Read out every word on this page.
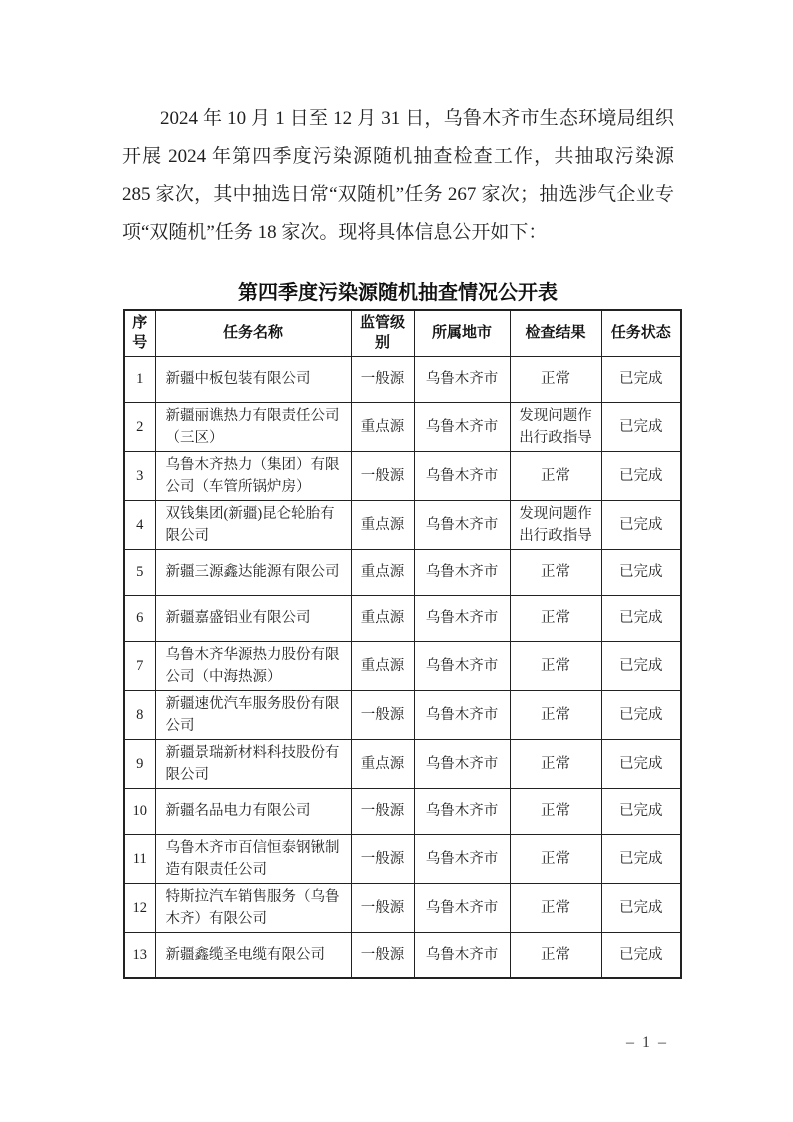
2024 年 10 月 1 日至 12 月 31 日，乌鲁木齐市生态环境局组织开展 2024 年第四季度污染源随机抽查检查工作，共抽取污染源 285 家次，其中抽选日常“双随机”任务 267 家次；抽选涉气企业专项“双随机”任务 18 家次。现将具体信息公开如下：

第四季度污染源随机抽查情况公开表
序号	任务名称	监管级别	所属地市	检查结果	任务状态
1	新疆中板包装有限公司	一般源	乌鲁木齐市	正常	已完成
2	新疆丽谯热力有限责任公司（三区）	重点源	乌鲁木齐市	发现问题作出行政指导	已完成
3	乌鲁木齐热力（集团）有限公司（车管所锅炉房）	一般源	乌鲁木齐市	正常	已完成
4	双钱集团(新疆)昆仑轮胎有限公司	重点源	乌鲁木齐市	发现问题作出行政指导	已完成
5	新疆三源鑫达能源有限公司	重点源	乌鲁木齐市	正常	已完成
6	新疆嘉盛铝业有限公司	重点源	乌鲁木齐市	正常	已完成
7	乌鲁木齐华源热力股份有限公司（中海热源）	重点源	乌鲁木齐市	正常	已完成
8	新疆速优汽车服务股份有限公司	一般源	乌鲁木齐市	正常	已完成
9	新疆景瑞新材料科技股份有限公司	重点源	乌鲁木齐市	正常	已完成
10	新疆名品电力有限公司	一般源	乌鲁木齐市	正常	已完成
11	乌鲁木齐市百信恒泰钢锹制造有限责任公司	一般源	乌鲁木齐市	正常	已完成
12	特斯拉汽车销售服务（乌鲁木齐）有限公司	一般源	乌鲁木齐市	正常	已完成
13	新疆鑫缆圣电缆有限公司	一般源	乌鲁木齐市	正常	已完成
– 1 –
